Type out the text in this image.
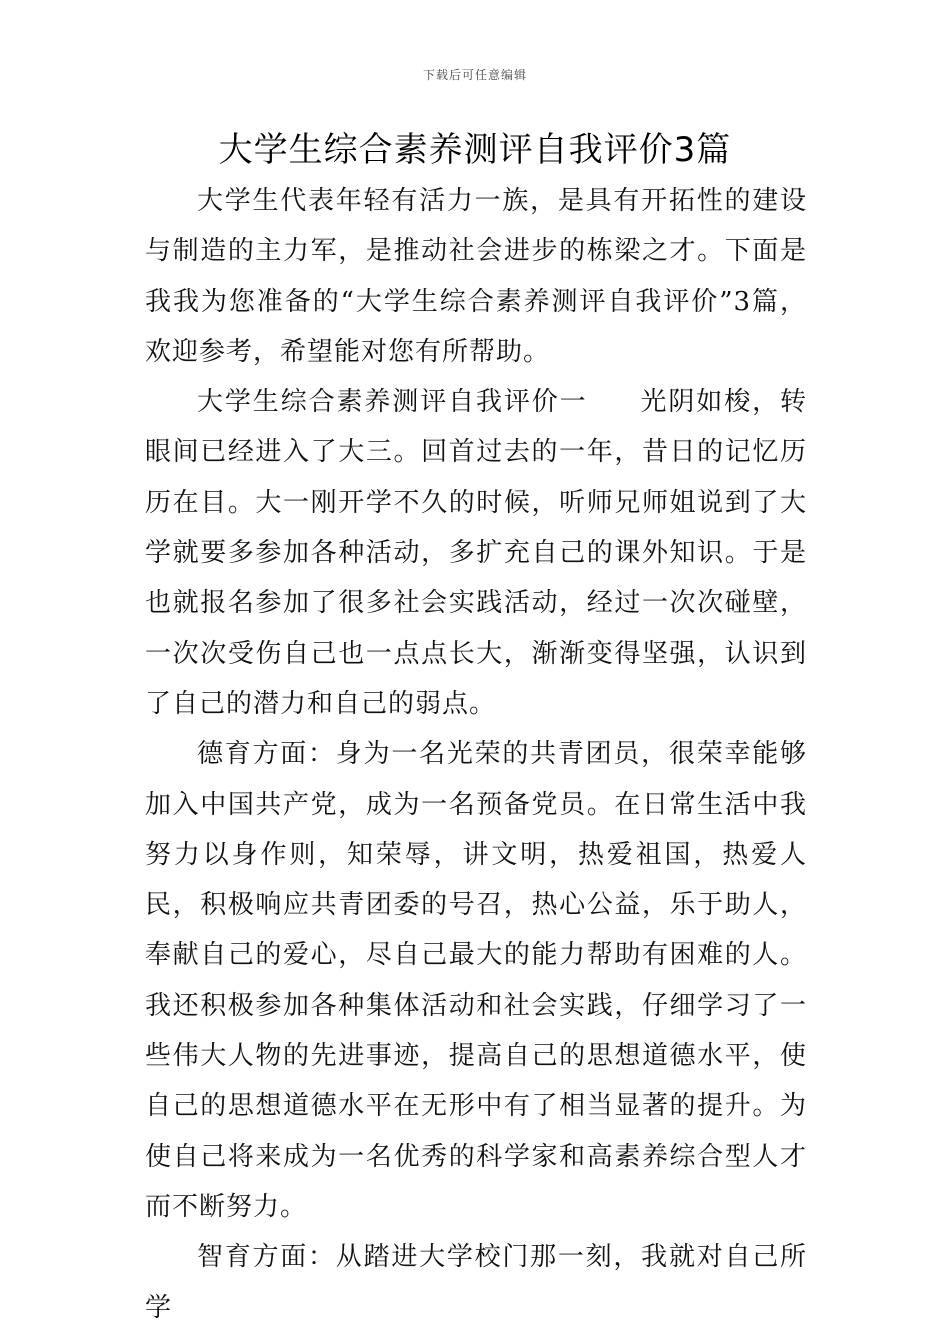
下载后可任意编辑
大学生综合素养测评自我评价3篇

大学生代表年轻有活力一族，是具有开拓性的建设与制造的主力军，是推动社会进步的栋梁之才。下面是我我为您准备的“大学生综合素养测评自我评价”3篇，欢迎参考，希望能对您有所帮助。

大学生综合素养测评自我评价一 光阴如梭，转眼间已经进入了大三。回首过去的一年，昔日的记忆历历在目。大一刚开学不久的时候，听师兄师姐说到了大学就要多参加各种活动，多扩充自己的课外知识。于是也就报名参加了很多社会实践活动，经过一次次碰壁，一次次受伤自己也一点点长大，渐渐变得坚强，认识到了自己的潜力和自己的弱点。

德育方面：身为一名光荣的共青团员，很荣幸能够加入中国共产党，成为一名预备党员。在日常生活中我努力以身作则，知荣辱，讲文明，热爱祖国，热爱人民，积极响应共青团委的号召，热心公益，乐于助人，奉献自己的爱心，尽自己最大的能力帮助有困难的人。我还积极参加各种集体活动和社会实践，仔细学习了一些伟大人物的先进事迹，提高自己的思想道德水平，使自己的思想道德水平在无形中有了相当显著的提升。为使自己将来成为一名优秀的科学家和高素养综合型人才而不断努力。

智育方面：从踏进大学校门那一刻，我就对自己所学
